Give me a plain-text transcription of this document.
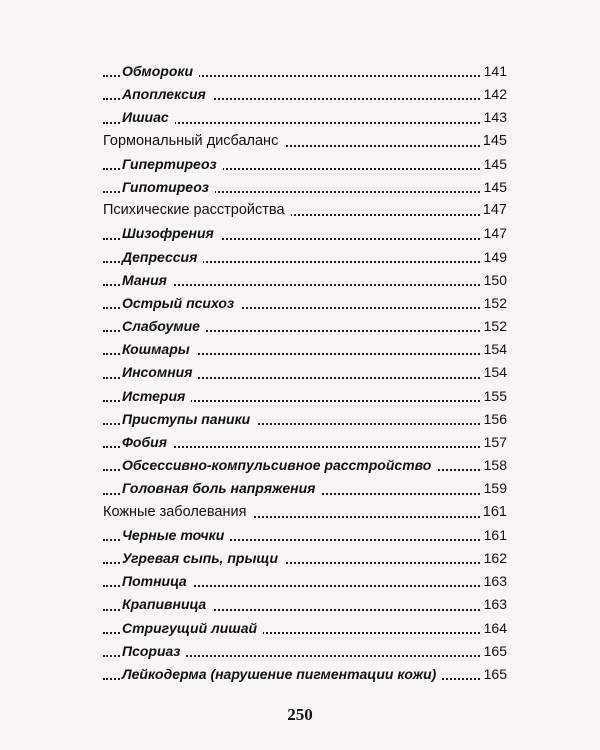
Обмороки	141
Апоплексия	142
Ишиас	143
Гормональный дисбаланс	145
Гипертиреоз	145
Гипотиреоз	145
Психические расстройства	147
Шизофрения	147
Депрессия	149
Мания	150
Острый психоз	152
Слабоумие	152
Кошмары	154
Инсомния	154
Истерия	155
Приступы паники	156
Фобия	157
Обсессивно-компульсивное расстройство	158
Головная боль напряжения	159
Кожные заболевания	161
Черные точки	161
Угревая сыпь, прыщи	162
Потница	163
Крапивница	163
Стригущий лишай	164
Псориаз	165
Лейкодерма (нарушение пигментации кожи)	165
250
